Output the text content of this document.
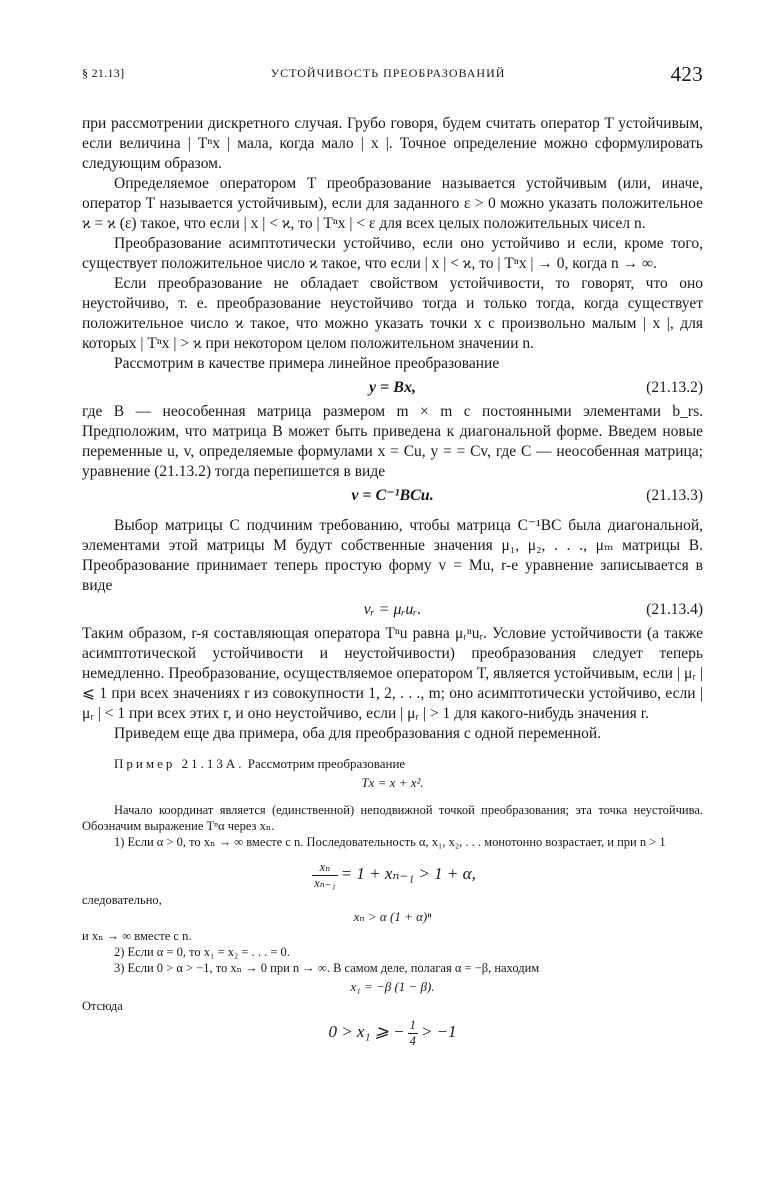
§ 21.13]	УСТОЙЧИВОСТЬ ПРЕОБРАЗОВАНИЙ	423

при рассмотрении дискретного случая. Грубо говоря, будем считать оператор T устойчивым, если величина | Tⁿx | мала, когда мало | x |. Точное определение можно сформулировать следующим образом.

Определяемое оператором T преобразование называется устойчивым (или, иначе, оператор T называется устойчивым), если для заданного ε > 0 можно указать положительное ϰ = ϰ (ε) такое, что если | x | < ϰ, то | Tⁿx | < ε для всех целых положительных чисел n.

Преобразование асимптотически устойчиво, если оно устойчиво и если, кроме того, существует положительное число ϰ такое, что если | x | < ϰ, то | Tⁿx | → 0, когда n → ∞.

Если преобразование не обладает свойством устойчивости, то говорят, что оно неустойчиво, т. е. преобразование неустойчиво тогда и только тогда, когда существует положительное число ϰ такое, что можно указать точки x с произвольно малым | x |, для которых | Tⁿx | > ϰ при некотором целом положительном значении n.

Рассмотрим в качестве примера линейное преобразование

y = Bx,	(21.13.2)

где B — неособенная матрица размером m × m с постоянными элементами b_rs. Предположим, что матрица B может быть приведена к диагональной форме. Введем новые переменные u, v, определяемые формулами x = Cu, y = = Cv, где C — неособенная матрица; уравнение (21.13.2) тогда перепишется в виде

v = C⁻¹BCu.	(21.13.3)

Выбор матрицы C подчиним требованию, чтобы матрица C⁻¹BC была диагональной, элементами этой матрицы M будут собственные значения μ₁, μ₂, . . ., μₘ матрицы B. Преобразование принимает теперь простую форму v = Mu, r-е уравнение записывается в виде

vᵣ = μᵣuᵣ.	(21.13.4)

Таким образом, r-я составляющая оператора Tⁿu равна μᵣⁿuᵣ. Условие устойчивости (а также асимптотической устойчивости и неустойчивости) преобразования следует теперь немедленно. Преобразование, осуществляемое оператором T, является устойчивым, если | μᵣ | ⩽ 1 при всех значениях r из совокупности 1, 2, . . ., m; оно асимптотически устойчиво, если | μᵣ | < 1 при всех этих r, и оно неустойчиво, если | μᵣ | > 1 для какого-нибудь значения r.

Приведем еще два примера, оба для преобразования с одной переменной.

Пример 21.13А. Рассмотрим преобразование

Tx = x + x².

Начало координат является (единственной) неподвижной точкой преобразования; эта точка неустойчива. Обозначим выражение Tⁿα через xₙ.

1) Если α > 0, то xₙ → ∞ вместе с n. Последовательность α, x₁, x₂, . . . монотонно возрастает, и при n > 1

$\frac{\text{xₙ}}{\text{xₙ₋₁}} = 1 + x_{n-1} > 1 + \alpha$,

следовательно,

xₙ > α (1 + α)ⁿ

и xₙ → ∞ вместе с n.

2) Если α = 0, то x₁ = x₂ = . . . = 0.

3) Если 0 > α > −1, то xₙ → 0 при n → ∞. В самом деле, полагая α = −β, находим

x₁ = −β (1 − β).

Отсюда

0 > x₁ ⩾ − $\frac{1}{4} > -1$
